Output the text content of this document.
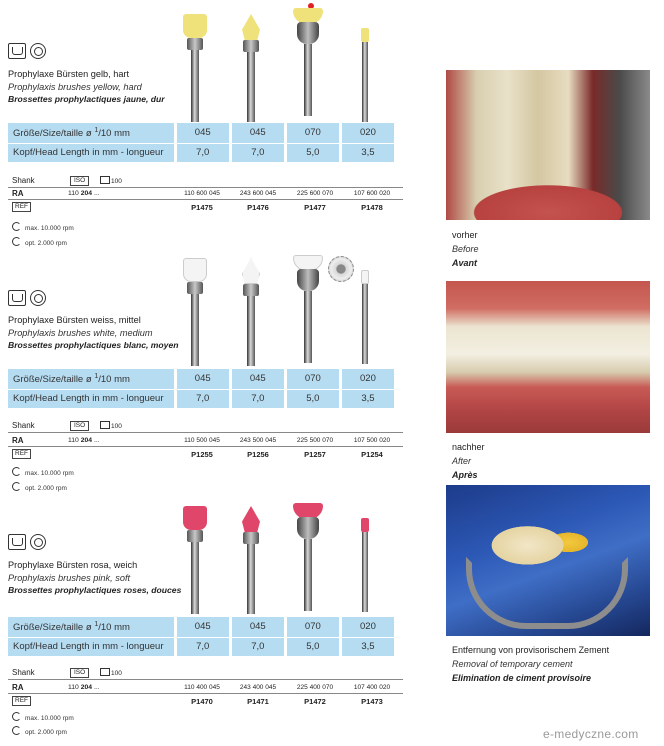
Prophylaxe Bürsten gelb, hart
Prophylaxis brushes yellow, hard
Brossettes prophylactiques jaune, dur
Größe/Size/taille ø $^1$/10 mm	045	045	070	020
Kopf/Head Length in mm - longueur	7,0	7,0	5,0	3,5
Shank	ISO	100
RA	110 204 ...	110 600 045	243 600 045	225 600 070	107 600 020
REF	P1475	P1476	P1477	P1478
max. 10.000 rpm
opt. 2.000 rpm
Prophylaxe Bürsten weiss, mittel
Prophylaxis brushes white, medium
Brossettes prophylactiques blanc, moyen
Größe/Size/taille ø $^1$/10 mm	045	045	070	020
Kopf/Head Length in mm - longueur	7,0	7,0	5,0	3,5
Shank	ISO	100
RA	110 204 ...	110 500 045	243 500 045	225 500 070	107 500 020
REF	P1255	P1256	P1257	P1254
max. 10.000 rpm
opt. 2.000 rpm
Prophylaxe Bürsten rosa, weich
Prophylaxis brushes pink, soft
Brossettes prophylactiques roses, douces
Größe/Size/taille ø $^1$/10 mm	045	045	070	020
Kopf/Head Length in mm - longueur	7,0	7,0	5,0	3,5
Shank	ISO	100
RA	110 204 ...	110 400 045	243 400 045	225 400 070	107 400 020
REF	P1470	P1471	P1472	P1473
max. 10.000 rpm
opt. 2.000 rpm
vorher
Before
Avant
nachher
After
Après
Entfernung von provisorischem Zement
Removal of temporary cement
Elimination de ciment provisoire
e-medyczne.com
